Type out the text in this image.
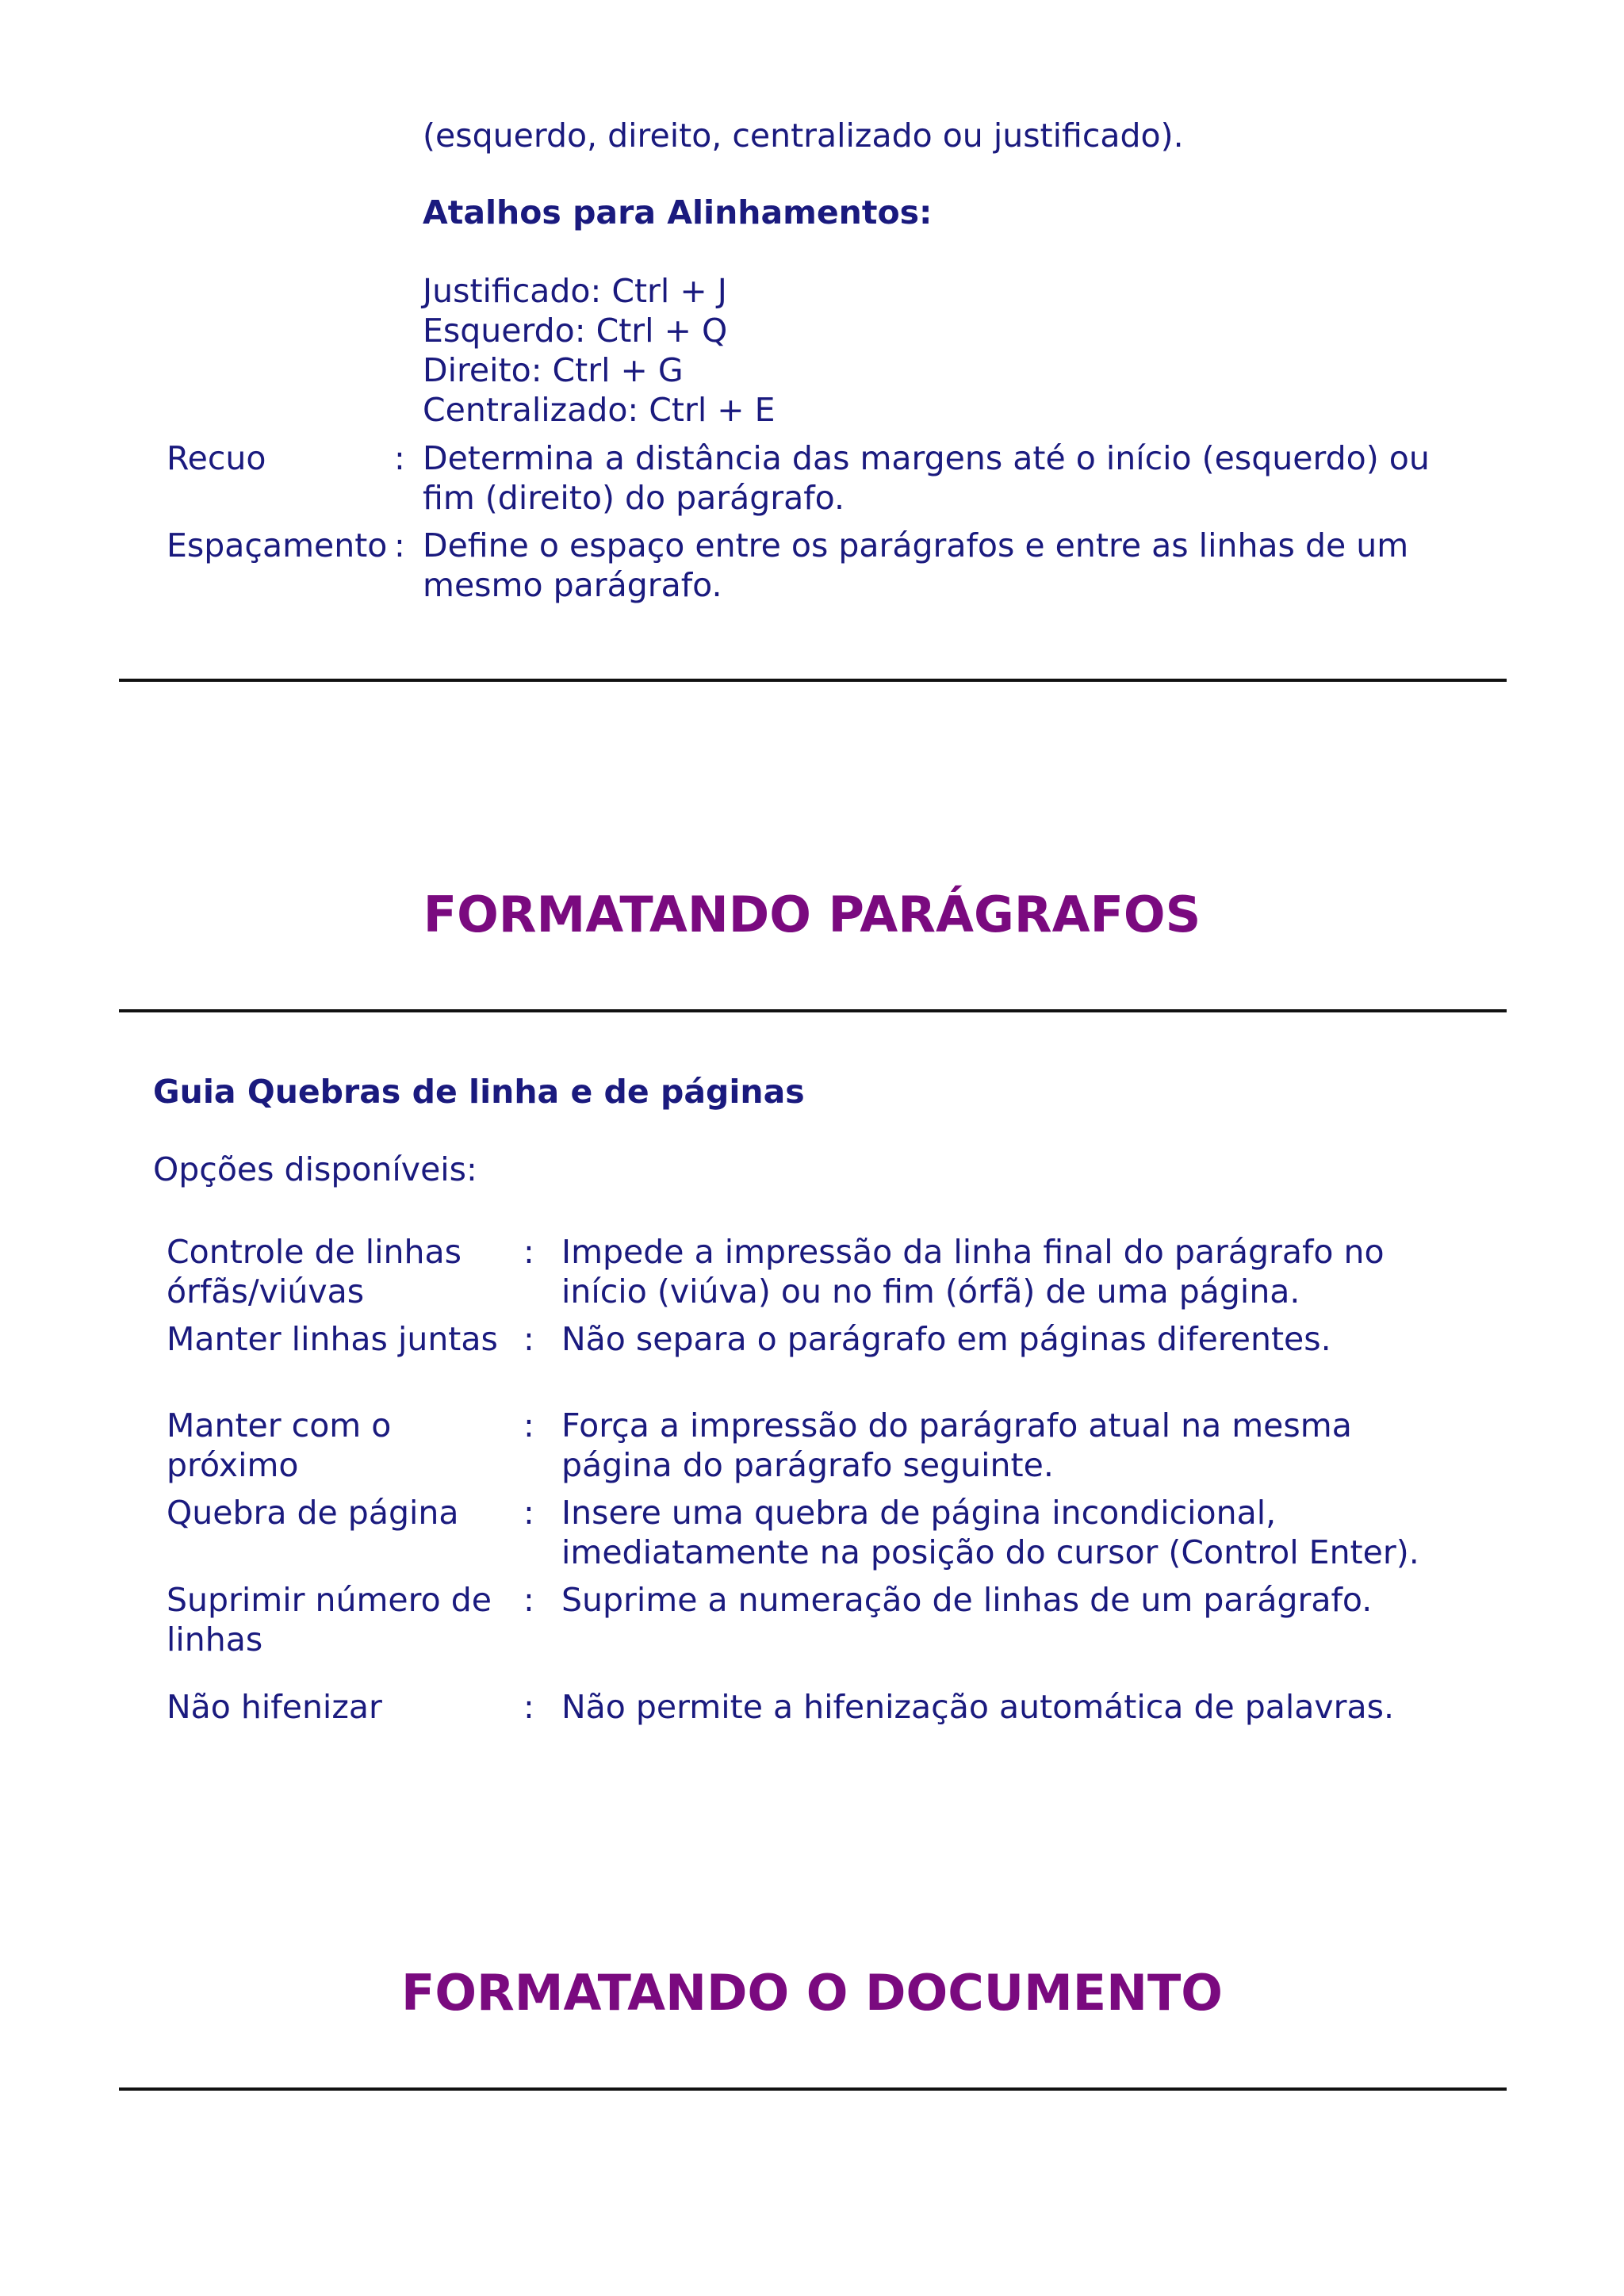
(esquerdo, direito, centralizado ou justificado).
Atalhos para Alinhamentos:
Justificado: Ctrl + J
Esquerdo: Ctrl + Q
Direito: Ctrl + G
Centralizado: Ctrl + E
Recuo	: Determina a distância das margens até o início (esquerdo) ou
fim (direito) do parágrafo.
Espaçamento : Define o espaço entre os parágrafos e entre as linhas de um
mesmo parágrafo.
FORMATANDO PARÁGRAFOS
Guia Quebras de linha e de páginas
Opções disponíveis:
Controle de linhas
órfãs/viúvas
: Impede a impressão da linha final do parágrafo no
início (viúva) ou no fim (órfã) de uma página.
Manter linhas juntas : Não separa o parágrafo em páginas diferentes.
Manter com o
próximo
: Força a impressão do parágrafo atual na mesma
página do parágrafo seguinte.
Quebra de página : Insere uma quebra de página incondicional,
imediatamente na posição do cursor (Control Enter).
Suprimir número de
linhas
: Suprime a numeração de linhas de um parágrafo.
Não hifenizar	: Não permite a hifenização automática de palavras.
FORMATANDO O DOCUMENTO
